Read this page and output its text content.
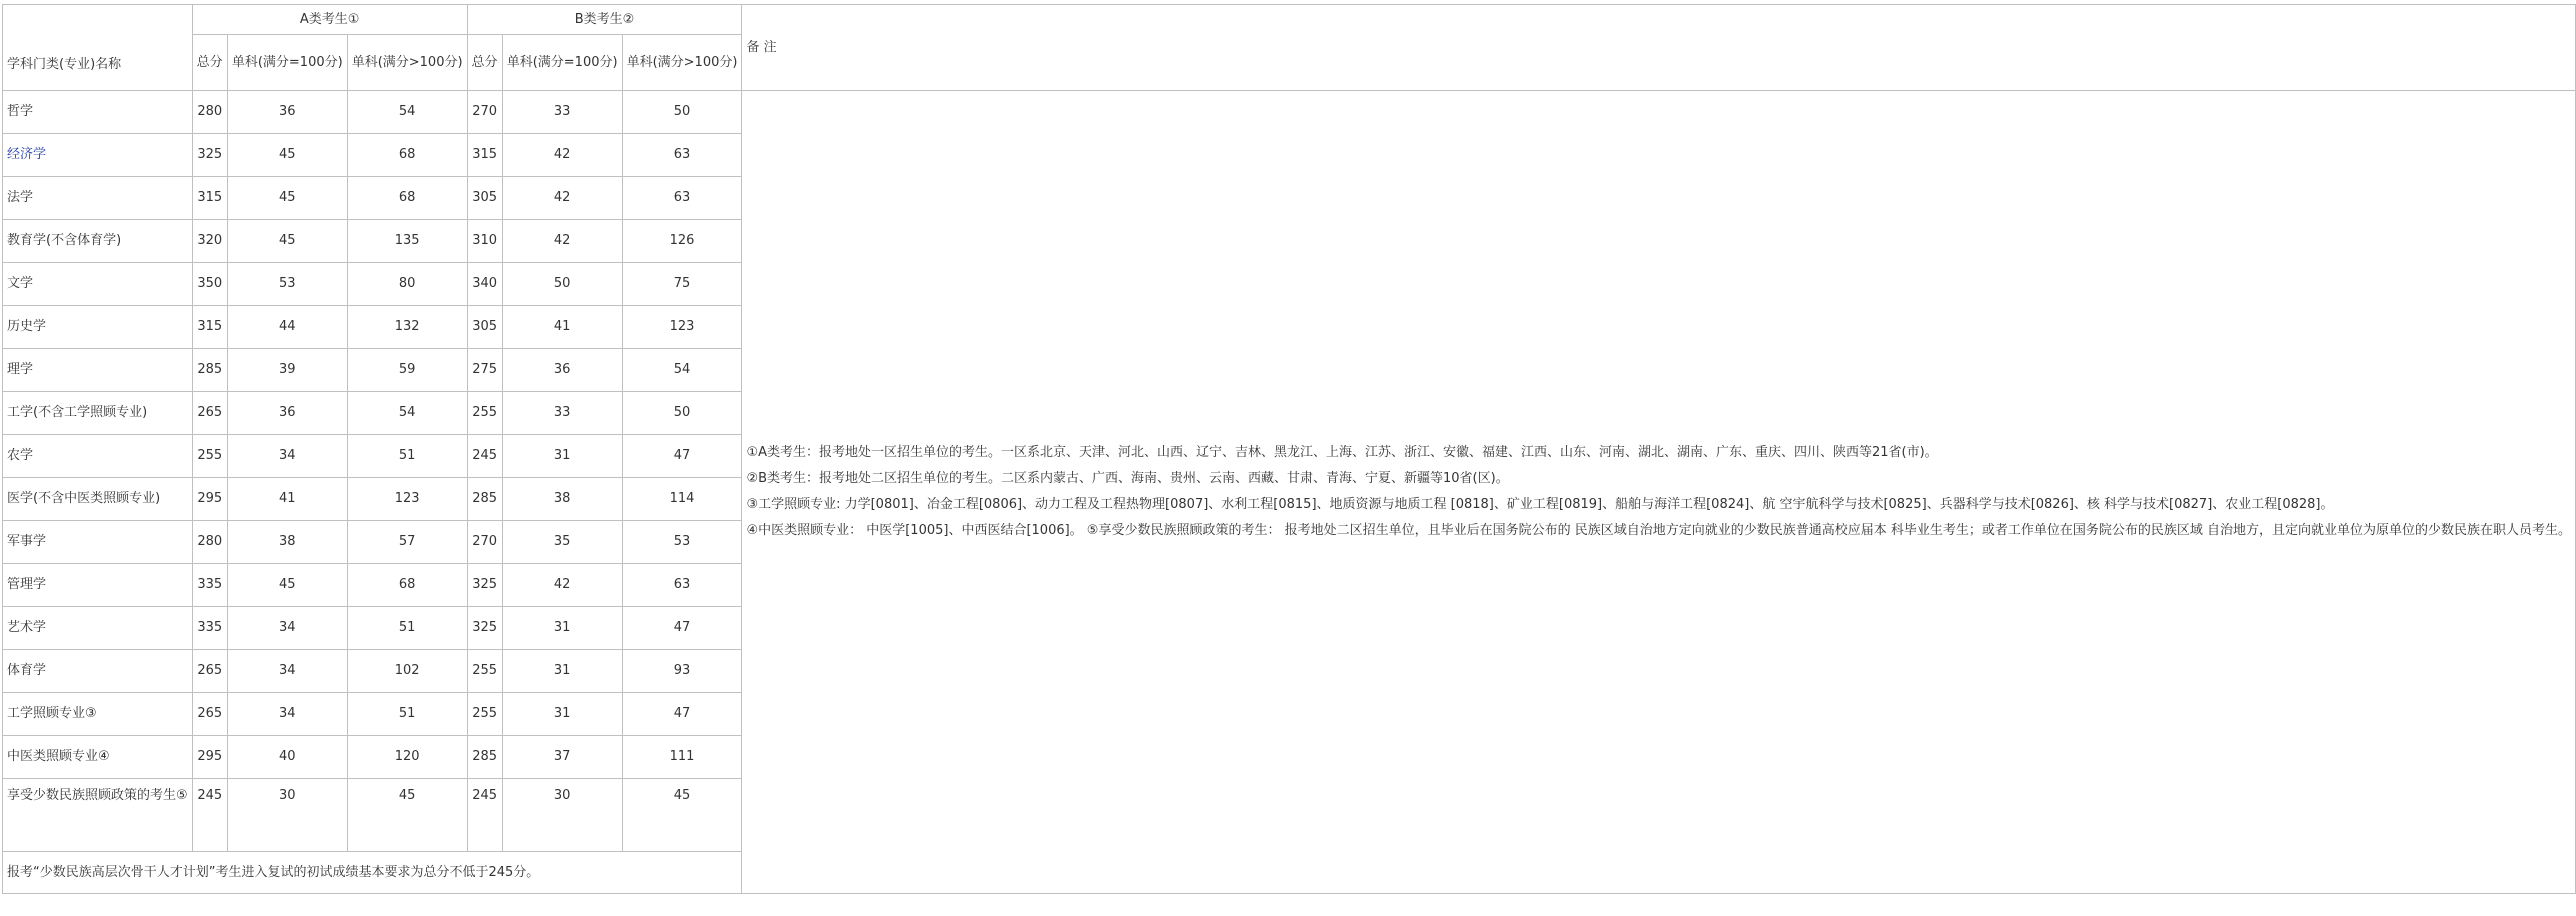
学科门类(专业)名称	A类考生①			B类考生②			备 注
	总分	单科(满分=100分)	单科(满分>100分)	总分	单科(满分=100分)	单科(满分>100分)	
哲学	280	36	54	270	33	50	①A类考生：报考地处一区招生单位的考生。一区系北京、天津、河北、山西、辽宁、吉林、黑龙江、上海、江苏、浙江、安徽、福建、江西、山东、河南、湖北、湖南、广东、重庆、四川、陕西等21省(市)。

②B类考生：报考地处二区招生单位的考生。二区系内蒙古、广西、海南、贵州、云南、西藏、甘肃、青海、宁夏、新疆等10省(区)。

③工学照顾专业: 力学[0801]、冶金工程[0806]、动力工程及工程热物理[0807]、水利工程[0815]、地质资源与地质工程 [0818]、矿业工程[0819]、船舶与海洋工程[0824]、航 空宇航科学与技术[0825]、兵器科学与技术[0826]、核 科学与技术[0827]、农业工程[0828]。

④中医类照顾专业： 中医学[1005]、中西医结合[1006]。 ⑤享受少数民族照顾政策的考生： 报考地处二区招生单位，且毕业后在国务院公布的 民族区域自治地方定向就业的少数民族普通高校应届本 科毕业生考生；或者工作单位在国务院公布的民族区域 自治地方，且定向就业单位为原单位的少数民族在职人员考生。

经济学	325	45	68	315	42	63	
法学	315	45	68	305	42	63	
教育学(不含体育学)	320	45	135	310	42	126	
文学	350	53	80	340	50	75	
历史学	315	44	132	305	41	123	
理学	285	39	59	275	36	54	
工学(不含工学照顾专业)	265	36	54	255	33	50	
农学	255	34	51	245	31	47	
医学(不含中医类照顾专业)	295	41	123	285	38	114	
军事学	280	38	57	270	35	53	
管理学	335	45	68	325	42	63	
艺术学	335	34	51	325	31	47	
体育学	265	34	102	255	31	93	
工学照顾专业③	265	34	51	255	31	47	
中医类照顾专业④	295	40	120	285	37	111	
享受少数民族照顾政策的考生⑤	245	30	45	245	30	45	
报考“少数民族高层次骨干人才计划”考生进入复试的初试成绩基本要求为总分不低于245分。							
